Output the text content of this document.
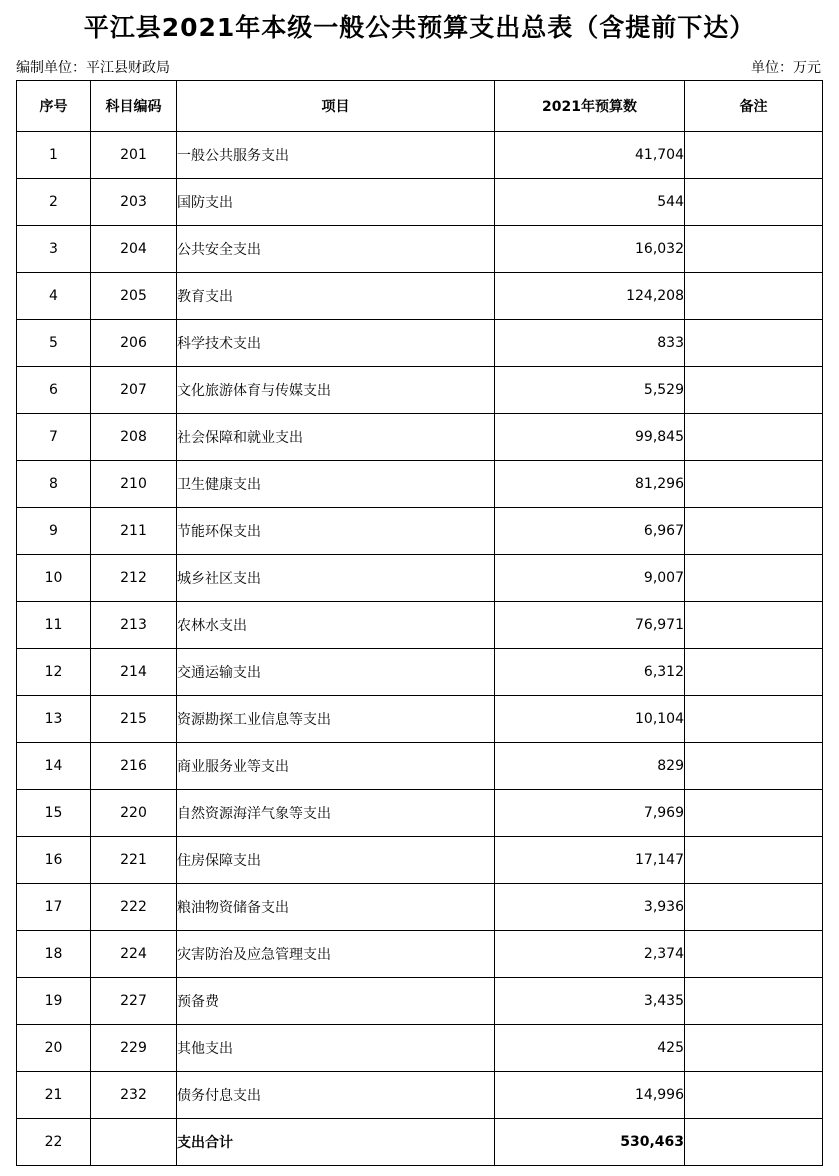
平江县2021年本级一般公共预算支出总表（含提前下达）
编制单位：平江县财政局	单位：万元
序号	科目编码	项目	2021年预算数	备注
1	201	一般公共服务支出	41,704	
2	203	国防支出	544	
3	204	公共安全支出	16,032	
4	205	教育支出	124,208	
5	206	科学技术支出	833	
6	207	文化旅游体育与传媒支出	5,529	
7	208	社会保障和就业支出	99,845	
8	210	卫生健康支出	81,296	
9	211	节能环保支出	6,967	
10	212	城乡社区支出	9,007	
11	213	农林水支出	76,971	
12	214	交通运输支出	6,312	
13	215	资源勘探工业信息等支出	10,104	
14	216	商业服务业等支出	829	
15	220	自然资源海洋气象等支出	7,969	
16	221	住房保障支出	17,147	
17	222	粮油物资储备支出	3,936	
18	224	灾害防治及应急管理支出	2,374	
19	227	预备费	3,435	
20	229	其他支出	425	
21	232	债务付息支出	14,996	
22		支出合计	530,463	
